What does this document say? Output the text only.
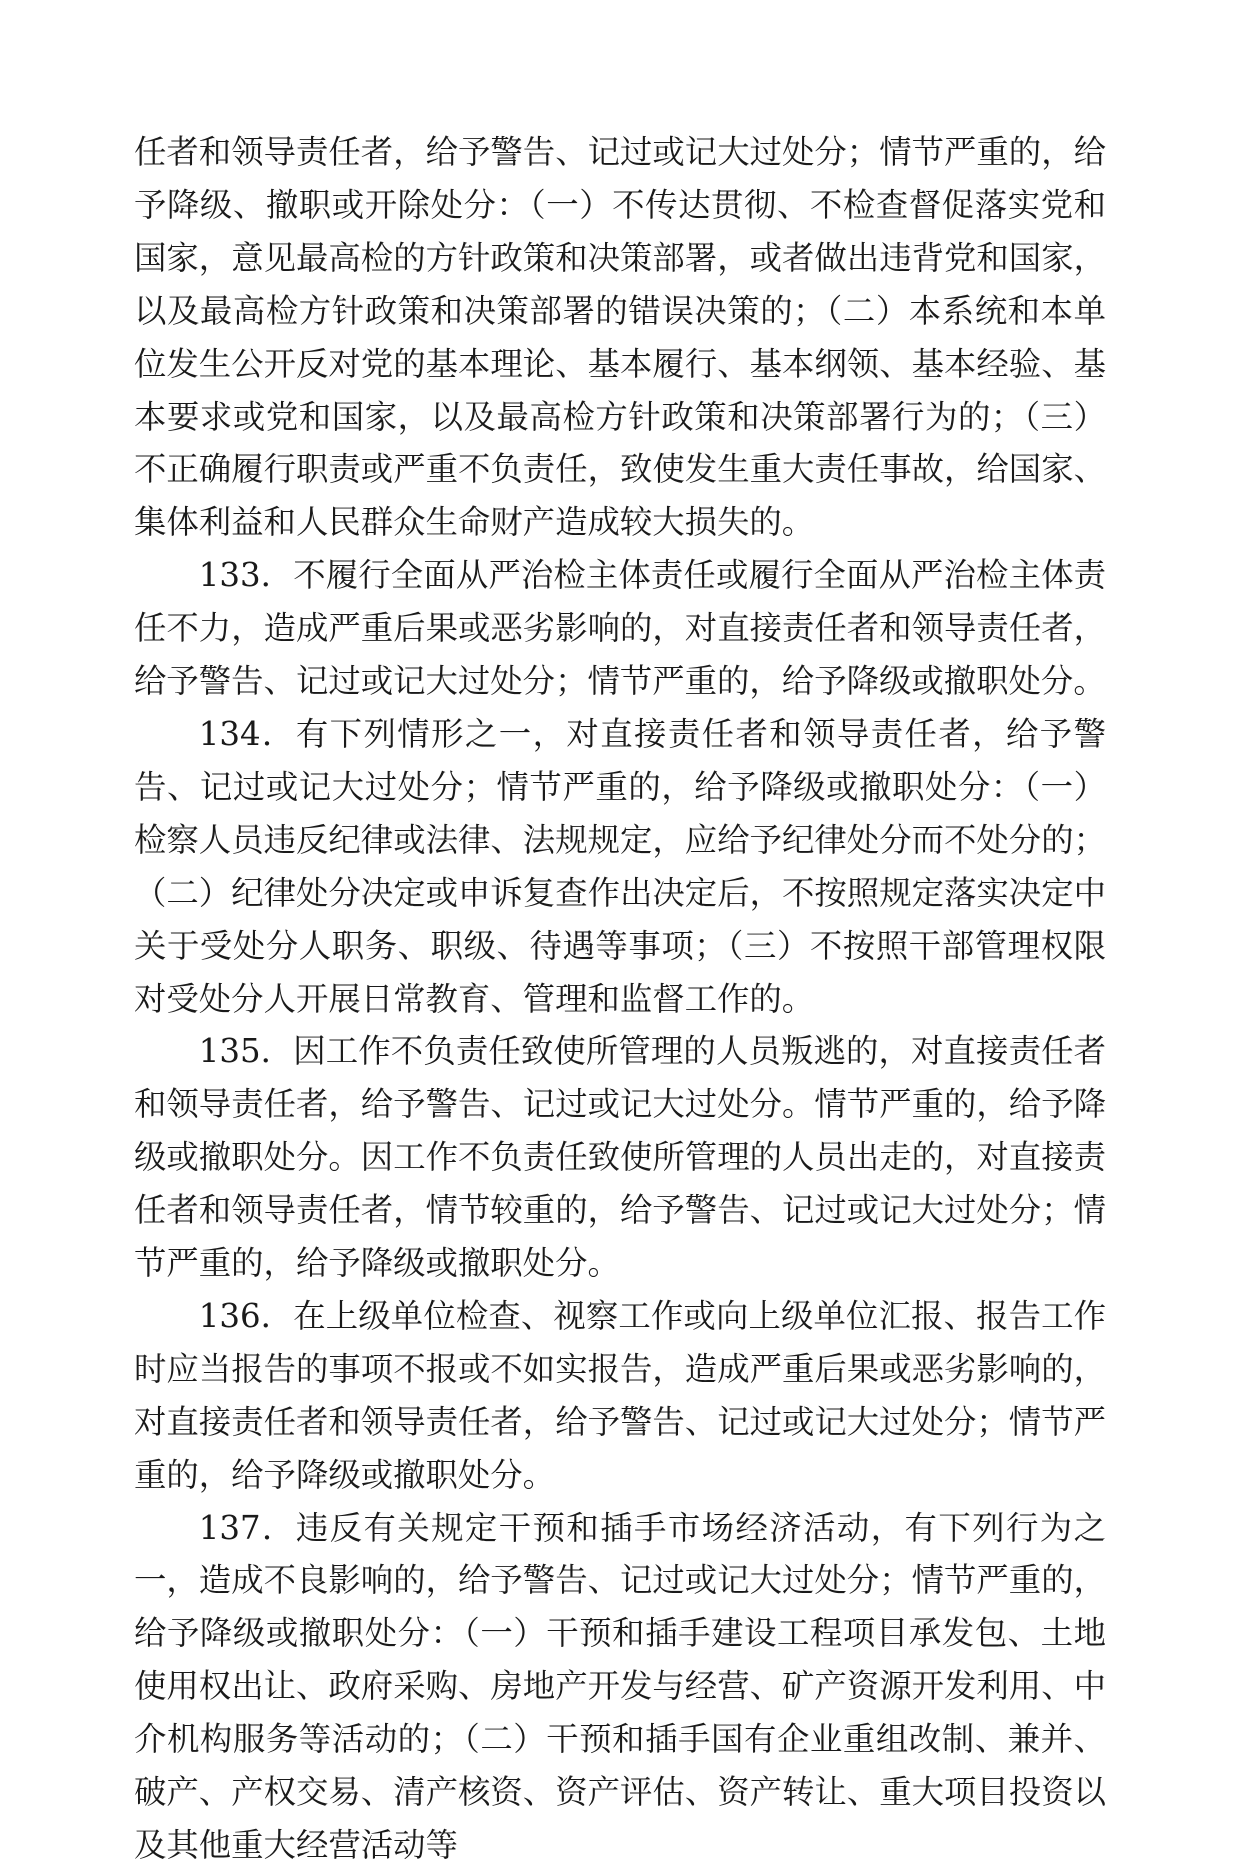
任者和领导责任者，给予警告、记过或记大过处分；情节严重的，给予降级、撤职或开除处分：（一）不传达贯彻、不检查督促落实党和国家，意见最高检的方针政策和决策部署，或者做出违背党和国家，以及最高检方针政策和决策部署的错误决策的；（二）本系统和本单位发生公开反对党的基本理论、基本履行、基本纲领、基本经验、基本要求或党和国家，以及最高检方针政策和决策部署行为的；（三）不正确履行职责或严重不负责任，致使发生重大责任事故，给国家、集体利益和人民群众生命财产造成较大损失的。

133．不履行全面从严治检主体责任或履行全面从严治检主体责任不力，造成严重后果或恶劣影响的，对直接责任者和领导责任者，给予警告、记过或记大过处分；情节严重的，给予降级或撤职处分。

134．有下列情形之一，对直接责任者和领导责任者，给予警告、记过或记大过处分；情节严重的，给予降级或撤职处分：（一）检察人员违反纪律或法律、法规规定，应给予纪律处分而不处分的；（二）纪律处分决定或申诉复查作出决定后，不按照规定落实决定中关于受处分人职务、职级、待遇等事项；（三）不按照干部管理权限对受处分人开展日常教育、管理和监督工作的。

135．因工作不负责任致使所管理的人员叛逃的，对直接责任者和领导责任者，给予警告、记过或记大过处分。情节严重的，给予降级或撤职处分。因工作不负责任致使所管理的人员出走的，对直接责任者和领导责任者，情节较重的，给予警告、记过或记大过处分；情节严重的，给予降级或撤职处分。

136．在上级单位检查、视察工作或向上级单位汇报、报告工作时应当报告的事项不报或不如实报告，造成严重后果或恶劣影响的，对直接责任者和领导责任者，给予警告、记过或记大过处分；情节严重的，给予降级或撤职处分。

137．违反有关规定干预和插手市场经济活动，有下列行为之一，造成不良影响的，给予警告、记过或记大过处分；情节严重的，给予降级或撤职处分：（一）干预和插手建设工程项目承发包、土地使用权出让、政府采购、房地产开发与经营、矿产资源开发利用、中介机构服务等活动的；（二）干预和插手国有企业重组改制、兼并、破产、产权交易、清产核资、资产评估、资产转让、重大项目投资以及其他重大经营活动等
